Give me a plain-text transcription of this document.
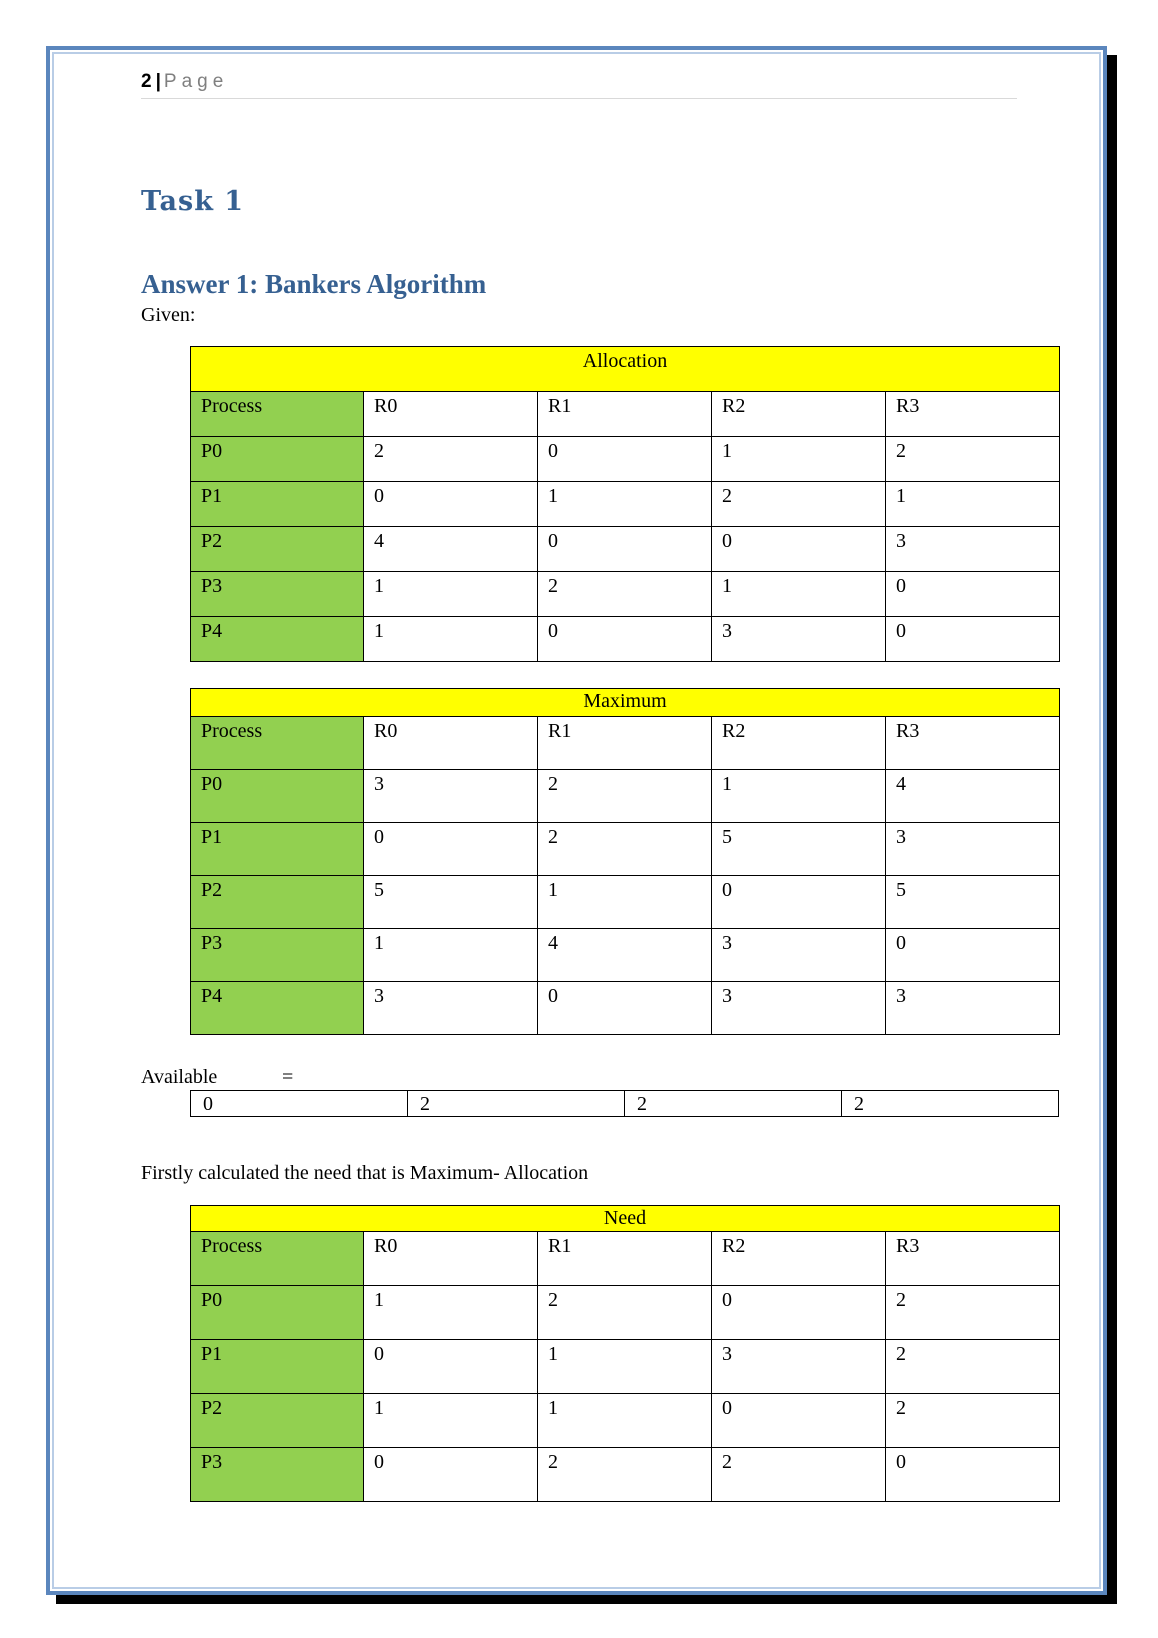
2 | Page
Task 1
Answer 1: Bankers Algorithm

Given:

Allocation				
Process	R0	R1	R2	R3
P0	2	0	1	2
P1	0	1	2	1
P2	4	0	0	3
P3	1	2	1	0
P4	1	0	3	0
Maximum				
Process	R0	R1	R2	R3
P0	3	2	1	4
P1	0	2	5	3
P2	5	1	0	5
P3	1	4	3	0
P4	3	0	3	3
Available	=
0	2	2	2

Firstly calculated the need that is Maximum- Allocation

Need				
Process	R0	R1	R2	R3
P0	1	2	0	2
P1	0	1	3	2
P2	1	1	0	2
P3	0	2	2	0
